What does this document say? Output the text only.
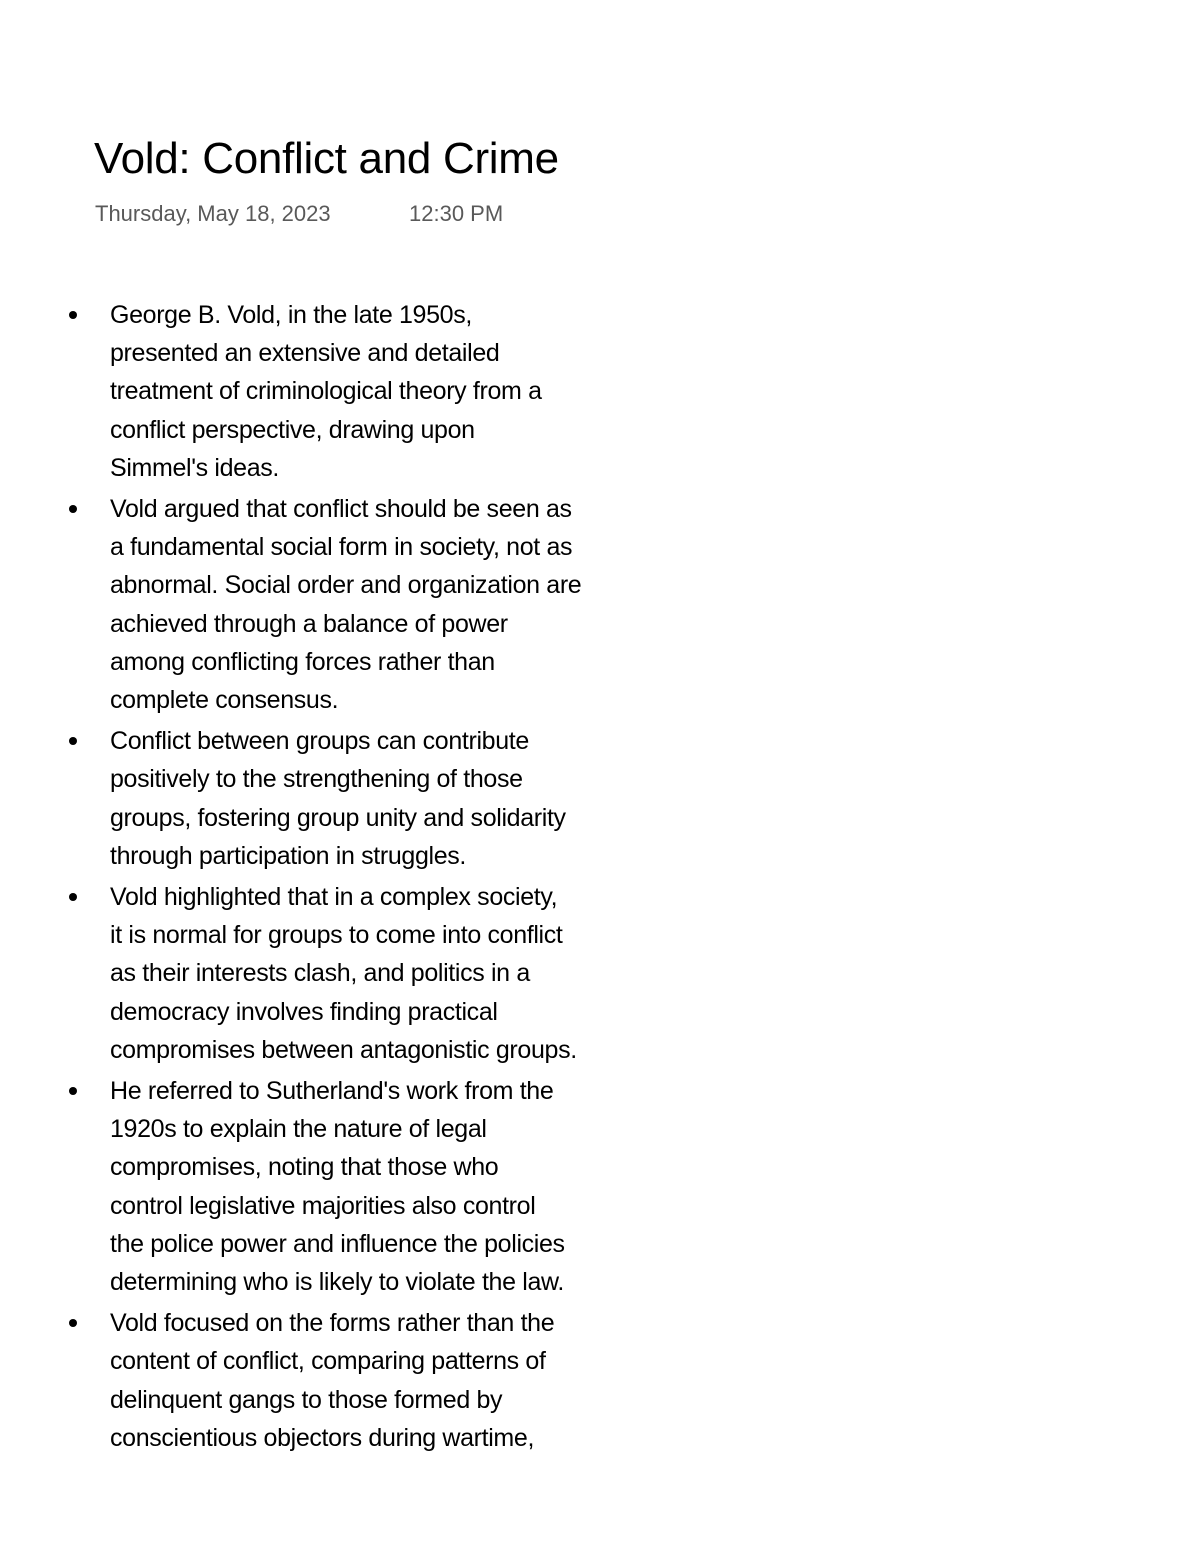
Vold: Conflict and Crime
Thursday, May 18, 2023	12:30 PM
George B. Vold, in the late 1950s,
presented an extensive and detailed
treatment of criminological theory from a
conflict perspective, drawing upon
Simmel's ideas.
Vold argued that conflict should be seen as
a fundamental social form in society, not as
abnormal. Social order and organization are
achieved through a balance of power
among conflicting forces rather than
complete consensus.
Conflict between groups can contribute
positively to the strengthening of those
groups, fostering group unity and solidarity
through participation in struggles.
Vold highlighted that in a complex society,
it is normal for groups to come into conflict
as their interests clash, and politics in a
democracy involves finding practical
compromises between antagonistic groups.
He referred to Sutherland's work from the
1920s to explain the nature of legal
compromises, noting that those who
control legislative majorities also control
the police power and influence the policies
determining who is likely to violate the law.
Vold focused on the forms rather than the
content of conflict, comparing patterns of
delinquent gangs to those formed by
conscientious objectors during wartime,
